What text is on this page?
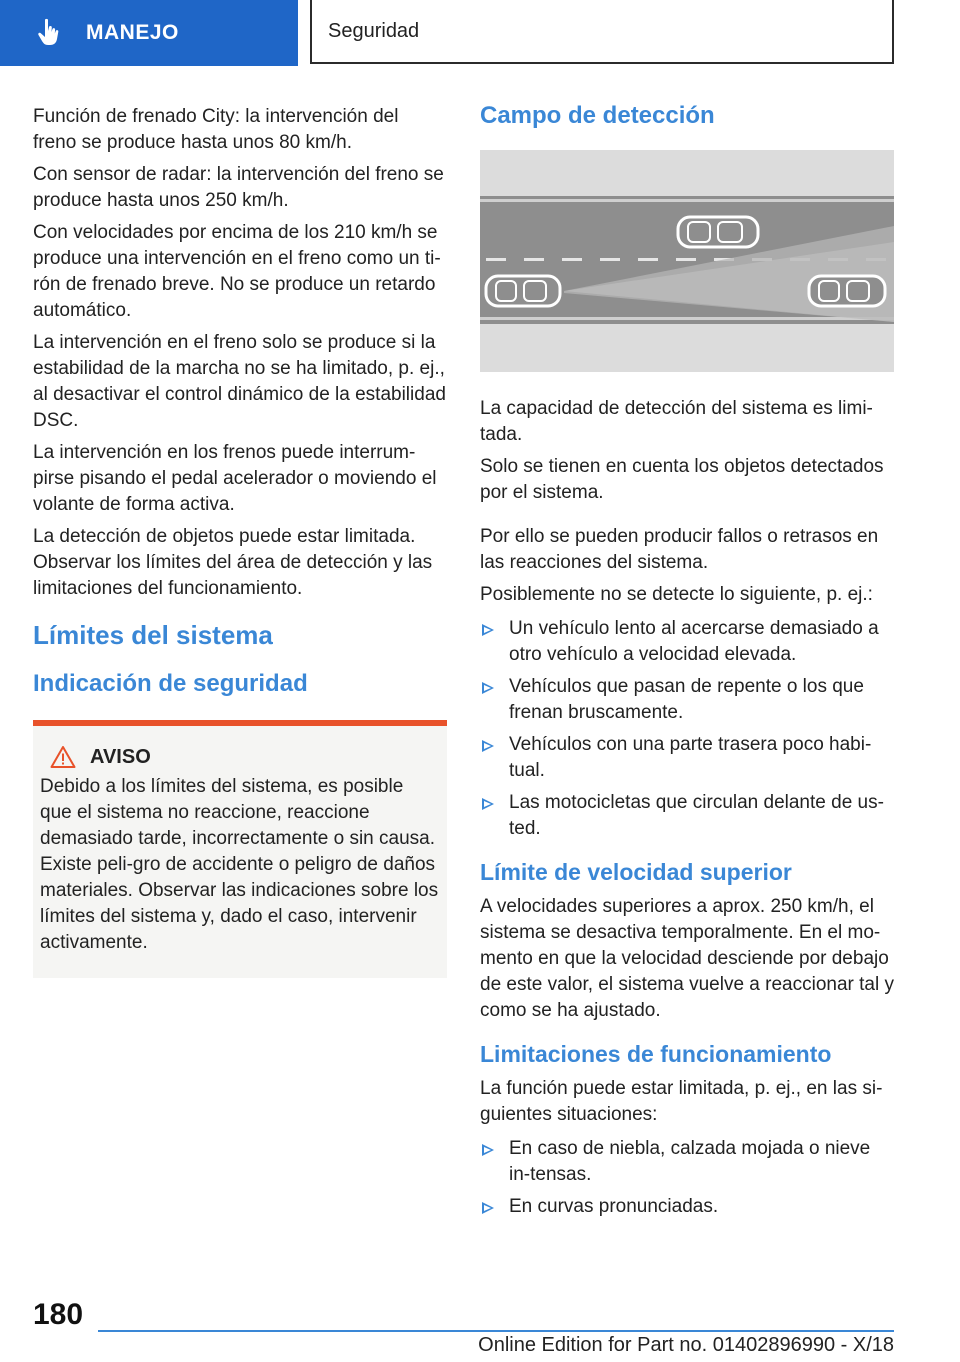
MANEJO	Seguridad

Función de frenado City: la intervención del freno se produce hasta unos 80 km/h.

Con sensor de radar: la intervención del freno se produce hasta unos 250 km/h.

Con velocidades por encima de los 210 km/h se produce una intervención en el freno como un ti-rón de frenado breve. No se produce un retardo automático.

La intervención en el freno solo se produce si la estabilidad de la marcha no se ha limitado, p. ej., al desactivar el control dinámico de la estabilidad DSC.

La intervención en los frenos puede interrum-pirse pisando el pedal acelerador o moviendo el volante de forma activa.

La detección de objetos puede estar limitada. Observar los límites del área de detección y las limitaciones del funcionamiento.

Límites del sistema
Indicación de seguridad
AVISO

Debido a los límites del sistema, es posible que el sistema no reaccione, reaccione demasiado tarde, incorrectamente o sin causa. Existe peli-gro de accidente o peligro de daños materiales. Observar las indicaciones sobre los límites del sistema y, dado el caso, intervenir activamente.

Campo de detección

La capacidad de detección del sistema es limi-tada.

Solo se tienen en cuenta los objetos detectados por el sistema.

Por ello se pueden producir fallos o retrasos en las reacciones del sistema.

Posiblemente no se detecte lo siguiente, p. ej.:

Un vehículo lento al acercarse demasiado a otro vehículo a velocidad elevada.
Vehículos que pasan de repente o los que frenan bruscamente.
Vehículos con una parte trasera poco habi-tual.
Las motocicletas que circulan delante de us-ted.
Límite de velocidad superior

A velocidades superiores a aprox. 250 km/h, el sistema se desactiva temporalmente. En el mo-mento en que la velocidad desciende por debajo de este valor, el sistema vuelve a reaccionar tal y como se ha ajustado.

Limitaciones de funcionamiento

La función puede estar limitada, p. ej., en las si-guientes situaciones:

En caso de niebla, calzada mojada o nieve in-tensas.
En curvas pronunciadas.
180
Online Edition for Part no. 01402896990 - X/18
